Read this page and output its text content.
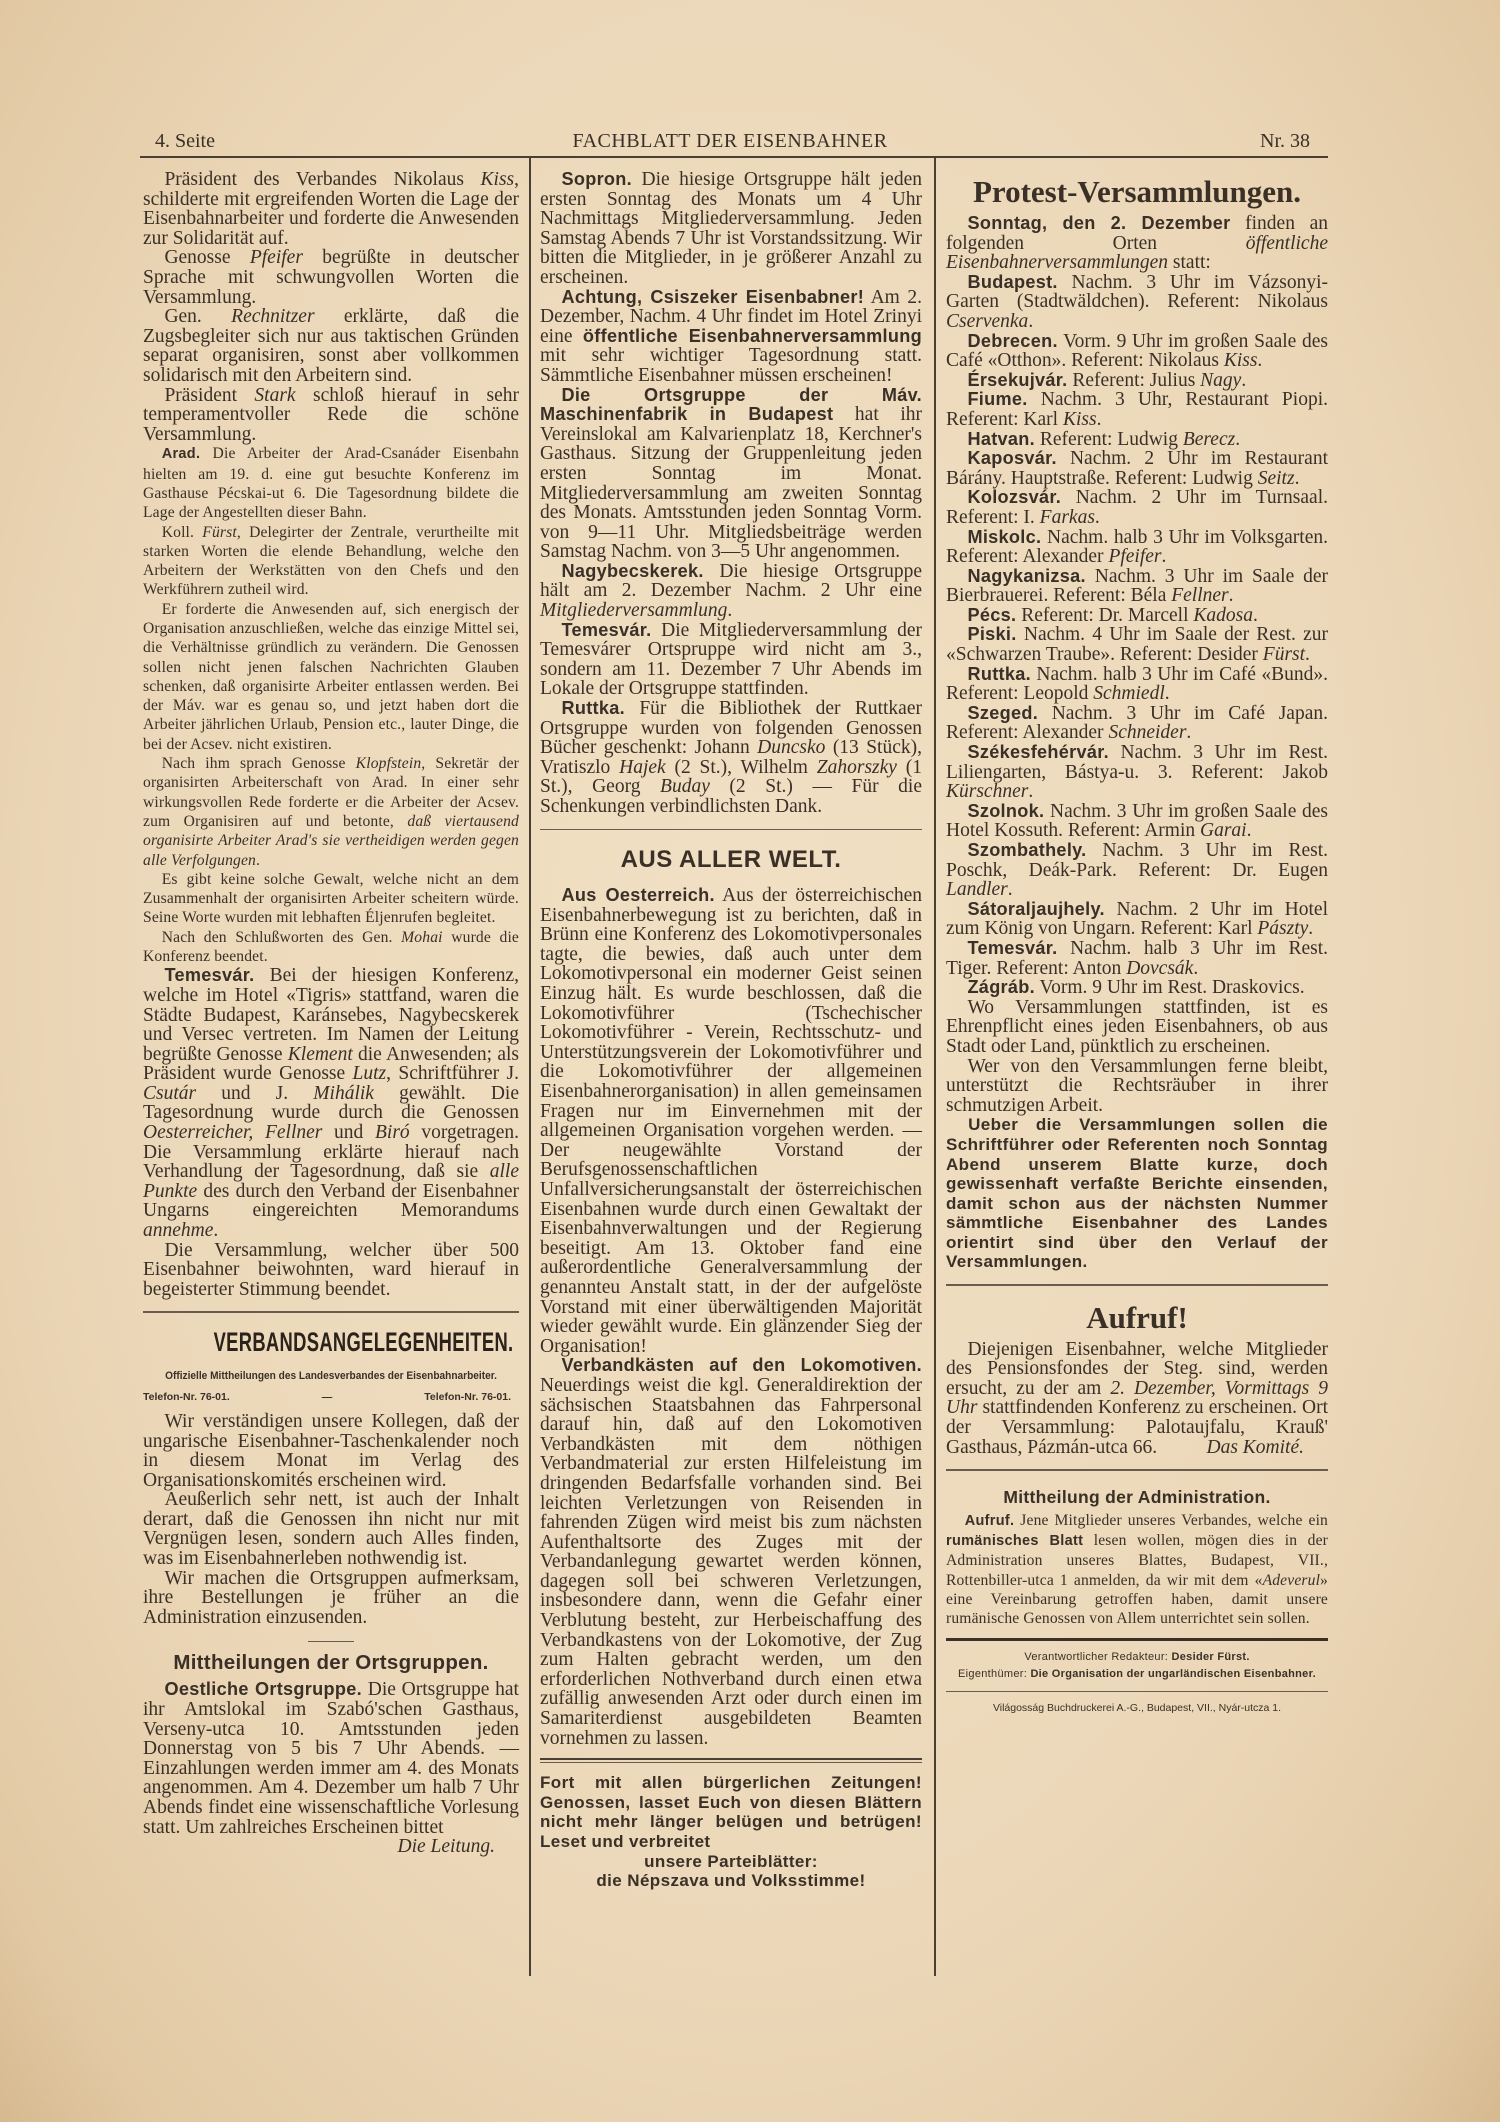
4. Seite	FACHBLATT DER EISENBAHNER	Nr. 38

Präsident des Verbandes Nikolaus Kiss, schilderte mit ergreifenden Worten die Lage der Eisenbahnarbeiter und forderte die Anwesenden zur Solidarität auf.

Genosse Pfeifer begrüßte in deutscher Sprache mit schwungvollen Worten die Versammlung.

Gen. Rechnitzer erklärte, daß die Zugsbegleiter sich nur aus taktischen Gründen separat organisiren, sonst aber vollkommen solidarisch mit den Arbeitern sind.

Präsident Stark schloß hierauf in sehr temperamentvoller Rede die schöne Versammlung.

Arad. Die Arbeiter der Arad-Csanáder Eisenbahn hielten am 19. d. eine gut besuchte Konferenz im Gasthause Pécskai-ut 6. Die Tagesordnung bildete die Lage der Angestellten dieser Bahn.

Koll. Fürst, Delegirter der Zentrale, verurtheilte mit starken Worten die elende Behandlung, welche den Arbeitern der Werkstätten von den Chefs und den Werkführern zutheil wird.

Er forderte die Anwesenden auf, sich energisch der Organisation anzuschließen, welche das einzige Mittel sei, die Verhältnisse gründlich zu verändern. Die Genossen sollen nicht jenen falschen Nachrichten Glauben schenken, daß organisirte Arbeiter entlassen werden. Bei der Máv. war es genau so, und jetzt haben dort die Arbeiter jährlichen Urlaub, Pension etc., lauter Dinge, die bei der Acsev. nicht existiren.

Nach ihm sprach Genosse Klopfstein, Sekretär der organisirten Arbeiterschaft von Arad. In einer sehr wirkungsvollen Rede forderte er die Arbeiter der Acsev. zum Organisiren auf und betonte, daß viertausend organisirte Arbeiter Arad's sie vertheidigen werden gegen alle Verfolgungen.

Es gibt keine solche Gewalt, welche nicht an dem Zusammenhalt der organisirten Arbeiter scheitern würde. Seine Worte wurden mit lebhaften Éljenrufen begleitet.

Nach den Schlußworten des Gen. Mohai wurde die Konferenz beendet.

Temesvár. Bei der hiesigen Konferenz, welche im Hotel «Tigris» stattfand, waren die Städte Budapest, Karánsebes, Nagybecskerek und Versec vertreten. Im Namen der Leitung begrüßte Genosse Klement die Anwesenden; als Präsident wurde Genosse Lutz, Schriftführer J. Csutár und J. Mihálik gewählt. Die Tagesordnung wurde durch die Genossen Oesterreicher, Fellner und Biró vorgetragen. Die Versammlung erklärte hierauf nach Verhandlung der Tagesordnung, daß sie alle Punkte des durch den Verband der Eisenbahner Ungarns eingereichten Memorandums annehme.

Die Versammlung, welcher über 500 Eisenbahner beiwohnten, ward hierauf in begeisterter Stimmung beendet.

VERBANDSANGELEGENHEITEN.
Offizielle Mittheilungen des Landesverbandes der Eisenbahnarbeiter.
Telefon-Nr. 76-01.	—	Telefon-Nr. 76-01.

Wir verständigen unsere Kollegen, daß der ungarische Eisenbahner-Taschenkalender noch in diesem Monat im Verlag des Organisationskomités erscheinen wird.

Aeußerlich sehr nett, ist auch der Inhalt derart, daß die Genossen ihn nicht nur mit Vergnügen lesen, sondern auch Alles finden, was im Eisenbahnerleben nothwendig ist.

Wir machen die Ortsgruppen aufmerksam, ihre Bestellungen je früher an die Administration einzusenden.

Mittheilungen der Ortsgruppen.

Oestliche Ortsgruppe. Die Ortsgruppe hat ihr Amtslokal im Szabó'schen Gasthaus, Verseny-utca 10. Amtsstunden jeden Donnerstag von 5 bis 7 Uhr Abends. — Einzahlungen werden immer am 4. des Monats angenommen. Am 4. Dezember um halb 7 Uhr Abends findet eine wissenschaftliche Vorlesung statt. Um zahlreiches Erscheinen bittet
Die Leitung.

Sopron. Die hiesige Ortsgruppe hält jeden ersten Sonntag des Monats um 4 Uhr Nachmittags Mitgliederversammlung. Jeden Samstag Abends 7 Uhr ist Vorstandssitzung. Wir bitten die Mitglieder, in je größerer Anzahl zu erscheinen.

Achtung, Csiszeker Eisenbabner! Am 2. Dezember, Nachm. 4 Uhr findet im Hotel Zrinyi eine öffentliche Eisenbahnerversammlung mit sehr wichtiger Tagesordnung statt. Sämmtliche Eisenbahner müssen erscheinen!

Die Ortsgruppe der Máv. Maschinenfabrik in Budapest hat ihr Vereinslokal am Kalvarienplatz 18, Kerchner's Gasthaus. Sitzung der Gruppenleitung jeden ersten Sonntag im Monat. Mitgliederversammlung am zweiten Sonntag des Monats. Amtsstunden jeden Sonntag Vorm. von 9—11 Uhr. Mitgliedsbeiträge werden Samstag Nachm. von 3—5 Uhr angenommen.

Nagybecskerek. Die hiesige Ortsgruppe hält am 2. Dezember Nachm. 2 Uhr eine Mitgliederversammlung.

Temesvár. Die Mitgliederversammlung der Temesvárer Ortspruppe wird nicht am 3., sondern am 11. Dezember 7 Uhr Abends im Lokale der Ortsgruppe stattfinden.

Ruttka. Für die Bibliothek der Ruttkaer Ortsgruppe wurden von folgenden Genossen Bücher geschenkt: Johann Duncsko (13 Stück), Vratiszlo Hajek (2 St.), Wilhelm Zahorszky (1 St.), Georg Buday (2 St.) — Für die Schenkungen verbindlichsten Dank.

AUS ALLER WELT.

Aus Oesterreich. Aus der österreichischen Eisenbahnerbewegung ist zu berichten, daß in Brünn eine Konferenz des Lokomotivpersonales tagte, die bewies, daß auch unter dem Lokomotivpersonal ein moderner Geist seinen Einzug hält. Es wurde beschlossen, daß die Lokomotivführer (Tschechischer Lokomotivführer - Verein, Rechtsschutz- und Unterstützungsverein der Lokomotivführer und die Lokomotivführer der allgemeinen Eisenbahnerorganisation) in allen gemeinsamen Fragen nur im Einvernehmen mit der allgemeinen Organisation vorgehen werden. — Der neugewählte Vorstand der Berufsgenossenschaftlichen Unfallversicherungsanstalt der österreichischen Eisenbahnen wurde durch einen Gewaltakt der Eisenbahnverwaltungen und der Regierung beseitigt. Am 13. Oktober fand eine außerordentliche Generalversammlung der genannteu Anstalt statt, in der der aufgelöste Vorstand mit einer überwältigenden Majorität wieder gewählt wurde. Ein glänzender Sieg der Organisation!

Verbandkästen auf den Lokomotiven. Neuerdings weist die kgl. Generaldirektion der sächsischen Staatsbahnen das Fahrpersonal darauf hin, daß auf den Lokomotiven Verbandkästen mit dem nöthigen Verbandmaterial zur ersten Hilfeleistung im dringenden Bedarfsfalle vorhanden sind. Bei leichten Verletzungen von Reisenden in fahrenden Zügen wird meist bis zum nächsten Aufenthaltsorte des Zuges mit der Verbandanlegung gewartet werden können, dagegen soll bei schweren Verletzungen, insbesondere dann, wenn die Gefahr einer Verblutung besteht, zur Herbeischaffung des Verbandkastens von der Lokomotive, der Zug zum Halten gebracht werden, um den erforderlichen Nothverband durch einen etwa zufällig anwesenden Arzt oder durch einen im Samariterdienst ausgebildeten Beamten vornehmen zu lassen.

Fort mit allen bürgerlichen Zeitungen! Genossen, lasset Euch von diesen Blättern nicht mehr länger belügen und betrügen! Leset und verbreitet

unsere Parteiblätter:

die Népszava und Volksstimme!

Protest-Versammlungen.

Sonntag, den 2. Dezember finden an folgenden Orten öffentliche Eisenbahnerversammlungen statt:

Budapest. Nachm. 3 Uhr im Vázsonyi-Garten (Stadtwäldchen). Referent: Nikolaus Cservenka.

Debrecen. Vorm. 9 Uhr im großen Saale des Café «Otthon». Referent: Nikolaus Kiss.

Érsekujvár. Referent: Julius Nagy.

Fiume. Nachm. 3 Uhr, Restaurant Piopi. Referent: Karl Kiss.

Hatvan. Referent: Ludwig Berecz.

Kaposvár. Nachm. 2 Uhr im Restaurant Bárány. Hauptstraße. Referent: Ludwig Seitz.

Kolozsvár. Nachm. 2 Uhr im Turnsaal. Referent: I. Farkas.

Miskolc. Nachm. halb 3 Uhr im Volksgarten. Referent: Alexander Pfeifer.

Nagykanizsa. Nachm. 3 Uhr im Saale der Bierbrauerei. Referent: Béla Fellner.

Pécs. Referent: Dr. Marcell Kadosa.

Piski. Nachm. 4 Uhr im Saale der Rest. zur «Schwarzen Traube». Referent: Desider Fürst.

Ruttka. Nachm. halb 3 Uhr im Café «Bund». Referent: Leopold Schmiedl.

Szeged. Nachm. 3 Uhr im Café Japan. Referent: Alexander Schneider.

Székesfehérvár. Nachm. 3 Uhr im Rest. Liliengarten, Bástya-u. 3. Referent: Jakob Kürschner.

Szolnok. Nachm. 3 Uhr im großen Saale des Hotel Kossuth. Referent: Armin Garai.

Szombathely. Nachm. 3 Uhr im Rest. Poschk, Deák-Park. Referent: Dr. Eugen Landler.

Sátoraljaujhely. Nachm. 2 Uhr im Hotel zum König von Ungarn. Referent: Karl Pászty.

Temesvár. Nachm. halb 3 Uhr im Rest. Tiger. Referent: Anton Dovcsák.

Zágráb. Vorm. 9 Uhr im Rest. Draskovics.

Wo Versammlungen stattfinden, ist es Ehrenpflicht eines jeden Eisenbahners, ob aus Stadt oder Land, pünktlich zu erscheinen.

Wer von den Versammlungen ferne bleibt, unterstützt die Rechtsräuber in ihrer schmutzigen Arbeit.

Ueber die Versammlungen sollen die Schriftführer oder Referenten noch Sonntag Abend unserem Blatte kurze, doch gewissenhaft verfaßte Berichte einsenden, damit schon aus der nächsten Nummer sämmtliche Eisenbahner des Landes orientirt sind über den Verlauf der Versammlungen.

Aufruf!

Diejenigen Eisenbahner, welche Mitglieder des Pensionsfondes der Steg. sind, werden ersucht, zu der am 2. Dezember, Vormittags 9 Uhr stattfindenden Konferenz zu erscheinen. Ort der Versammlung: Palotaujfalu, Krauß' Gasthaus, Pázmán-utca 66.	Das Komité.

Mittheilung der Administration.

Aufruf. Jene Mitglieder unseres Verbandes, welche ein rumänisches Blatt lesen wollen, mögen dies in der Administration unseres Blattes, Budapest, VII., Rottenbiller-utca 1 anmelden, da wir mit dem «Adeverul» eine Vereinbarung getroffen haben, damit unsere rumänische Genossen von Allem unterrichtet sein sollen.

Verantwortlicher Redakteur: Desider Fürst.

Eigenthümer: Die Organisation der ungarländischen Eisenbahner.

Világosság Buchdruckerei A.-G., Budapest, VII., Nyár-utcza 1.
